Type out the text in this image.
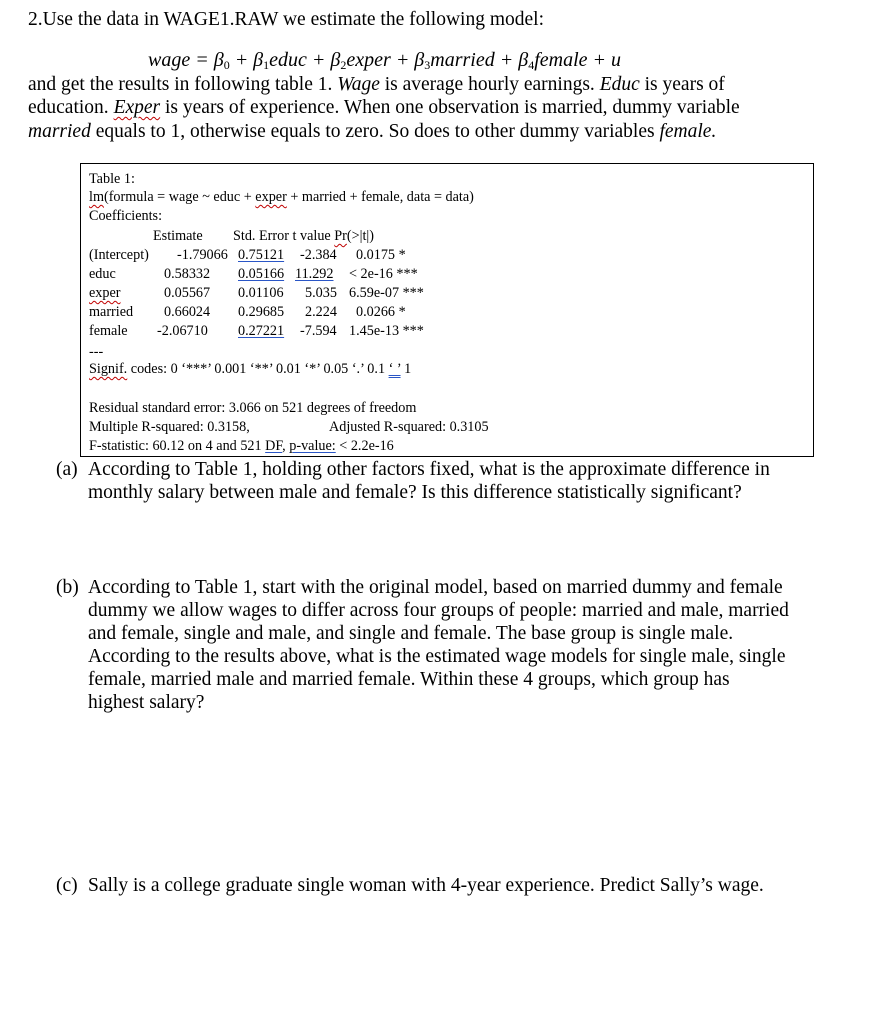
2.Use the data in WAGE1.RAW we estimate the following model:
wage = $\beta_0$ + $\beta_1educ$ + $\beta_2exper$ + $\beta_3married$ + $\beta_4female + u$
and get the results in following table 1. Wage is average hourly earnings. Educ is years of
education. Exper is years of experience. When one observation is married, dummy variable
married equals to 1, otherwise equals to zero. So does to other dummy variables female.
Table 1:
lm(formula = wage ~ educ + exper + married + female, data = data)
Coefficients:
Estimate Std. Error t value Pr(>|t|)
(Intercept) -1.79066 0.75121 -2.384 0.0175 *
educ	0.58332 0.05166 11.292 < 2e-16 ***
exper	0.05567 0.01106 5.035 6.59e-07 ***
married 0.66024 0.29685 2.224 0.0266 *
female -2.06710 0.27221 -7.594 1.45e-13 ***
---
Signif. codes: 0 ‘***’ 0.001 ‘**’ 0.01 ‘*’ 0.05 ‘.’ 0.1 ‘ ’ 1
Residual standard error: 3.066 on 521 degrees of freedom
Multiple R-squared: 0.3158,	Adjusted R-squared: 0.3105
F-statistic: 60.12 on 4 and 521 DF, p-value: < 2.2e-16
(a) According to Table 1, holding other factors fixed, what is the approximate difference in
monthly salary between male and female? Is this difference statistically significant?
(b) According to Table 1, start with the original model, based on married dummy and female
dummy we allow wages to differ across four groups of people: married and male, married
and female, single and male, and single and female. The base group is single male.
According to the results above, what is the estimated wage models for single male, single
female, married male and married female. Within these 4 groups, which group has
highest salary?
(c) Sally is a college graduate single woman with 4-year experience. Predict Sally’s wage.
